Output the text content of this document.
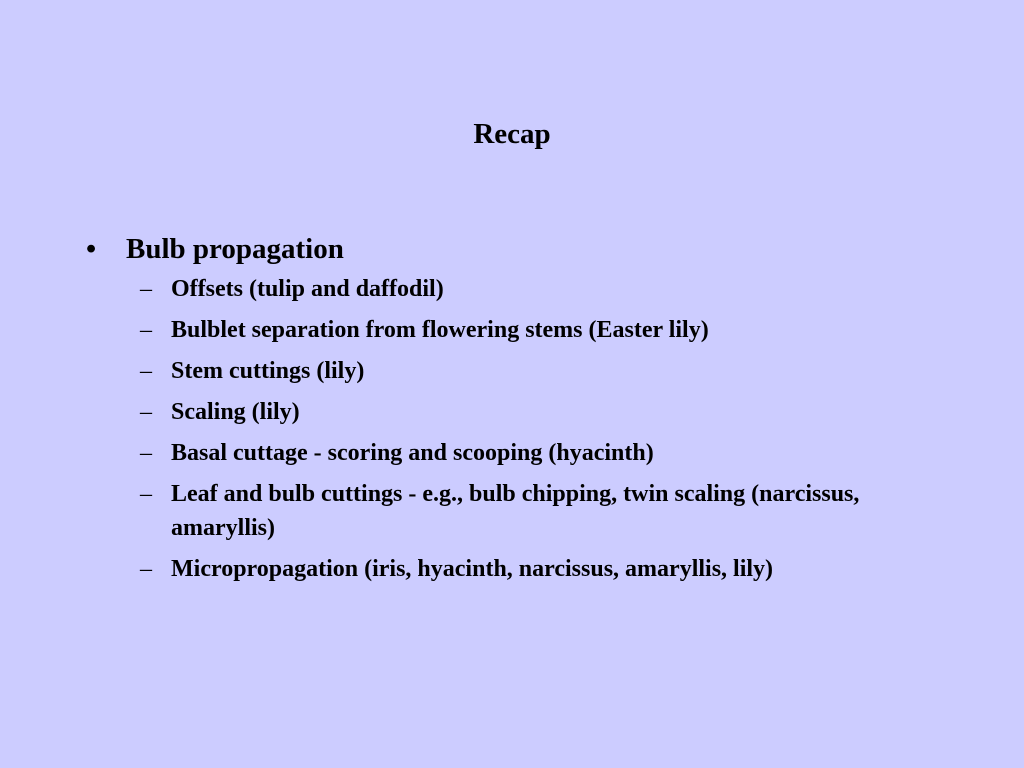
Recap
• Bulb propagation
– Offsets (tulip and daffodil)
– Bulblet separation from flowering stems (Easter lily)
– Stem cuttings (lily)
– Scaling (lily)
– Basal cuttage - scoring and scooping (hyacinth)
– Leaf and bulb cuttings - e.g., bulb chipping, twin scaling (narcissus, amaryllis)
– Micropropagation (iris, hyacinth, narcissus, amaryllis, lily)
